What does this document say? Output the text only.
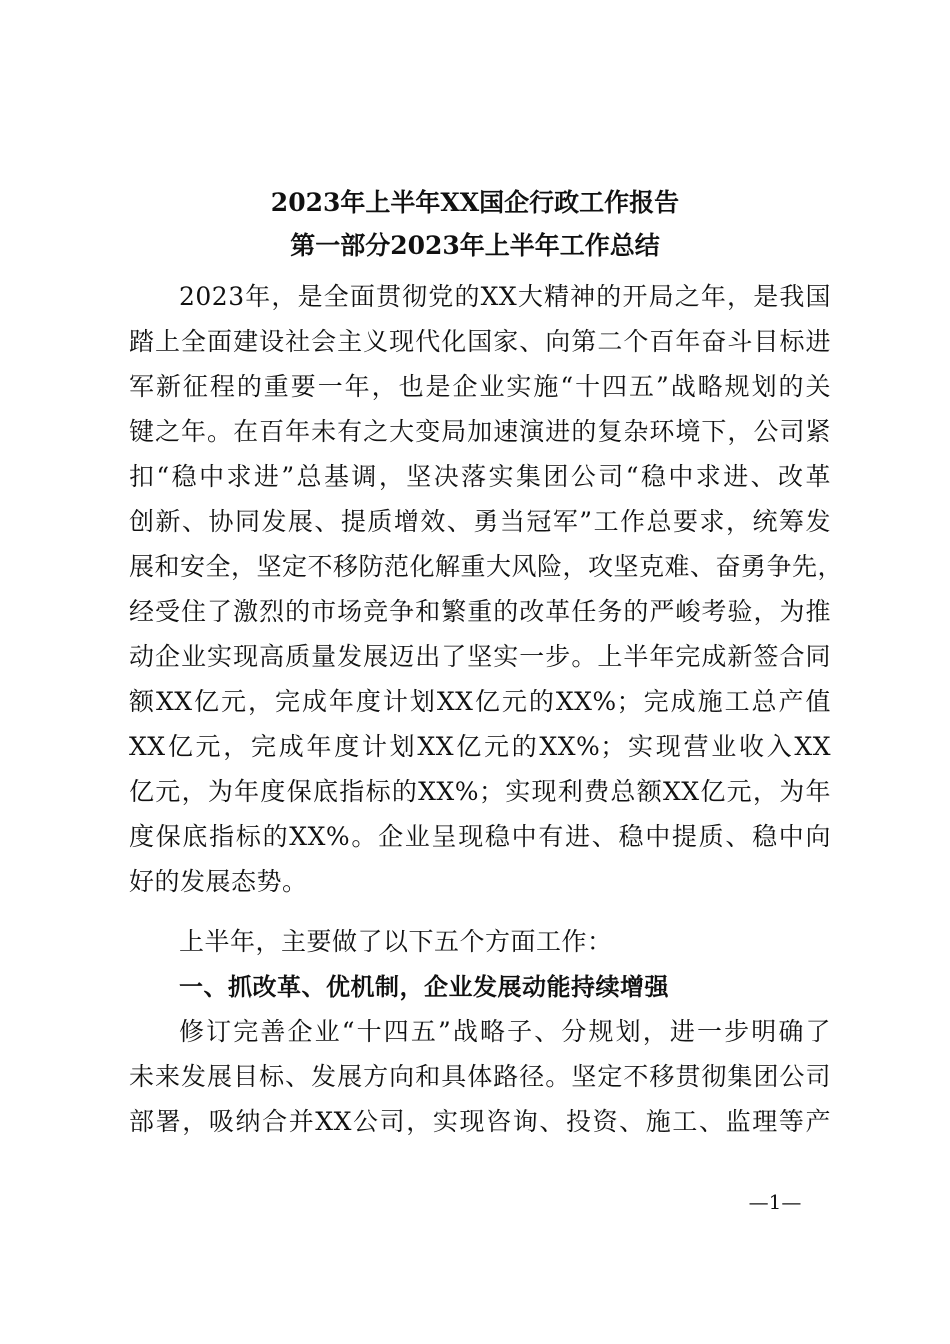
2023年上半年XX国企行政工作报告
第一部分2023年上半年工作总结
2023年，是全面贯彻党的XX大精神的开局之年，是我国
踏上全面建设社会主义现代化国家、向第二个百年奋斗目标进
军新征程的重要一年，也是企业实施“十四五”战略规划的关
键之年。在百年未有之大变局加速演进的复杂环境下，公司紧
扣“稳中求进”总基调，坚决落实集团公司“稳中求进、改革
创新、协同发展、提质增效、勇当冠军”工作总要求，统筹发
展和安全，坚定不移防范化解重大风险，攻坚克难、奋勇争先，
经受住了激烈的市场竞争和繁重的改革任务的严峻考验，为推
动企业实现高质量发展迈出了坚实一步。上半年完成新签合同
额XX亿元，完成年度计划XX亿元的XX%；完成施工总产值
XX亿元，完成年度计划XX亿元的XX%；实现营业收入XX
亿元，为年度保底指标的XX%；实现利费总额XX亿元，为年
度保底指标的XX%。企业呈现稳中有进、稳中提质、稳中向
好的发展态势。
上半年，主要做了以下五个方面工作：
一、抓改革、优机制，企业发展动能持续增强
修订完善企业“十四五”战略子、分规划，进一步明确了
未来发展目标、发展方向和具体路径。坚定不移贯彻集团公司
部署，吸纳合并XX公司，实现咨询、投资、施工、监理等产
—1—
